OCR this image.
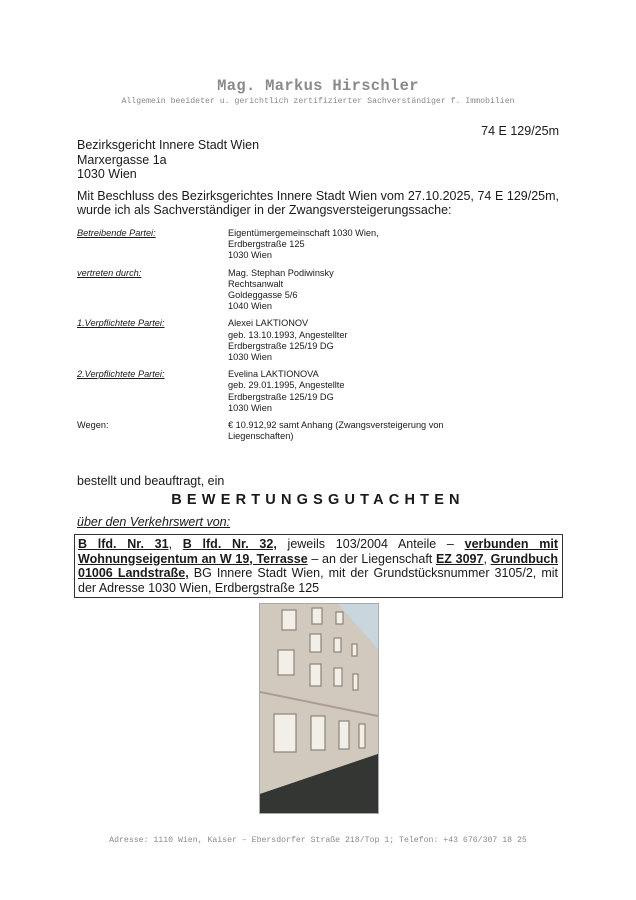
Mag. Markus Hirschler
Allgemein beeideter u. gerichtlich zertifizierter Sachverständiger f. Immobilien
74 E 129/25m
Bezirksgericht Innere Stadt Wien
Marxergasse 1a
1030 Wien
Mit Beschluss des Bezirksgerichtes Innere Stadt Wien vom 27.10.2025, 74 E 129/25m, wurde ich als Sachverständiger in der Zwangsversteigerungssache:
Betreibende Partei:	Eigentümergemeinschaft 1030 Wien,
Erdbergstraße 125
1030 Wien
vertreten durch:	Mag. Stephan Podiwinsky
Rechtsanwalt
Goldeggasse 5/6
1040 Wien
1.Verpflichtete Partei:	Alexei LAKTIONOV
geb. 13.10.1993, Angestellter
Erdbergstraße 125/19 DG
1030 Wien
2.Verpflichtete Partei:	Evelina LAKTIONOVA
geb. 29.01.1995, Angestellte
Erdbergstraße 125/19 DG
1030 Wien
Wegen:	€ 10.912,92 samt Anhang (Zwangsversteigerung von
Liegenschaften)
bestellt und beauftragt, ein
BEWERTUNGSGUTACHTEN
über den Verkehrswert von:
B lfd. Nr. 31, B lfd. Nr. 32, jeweils 103/2004 Anteile – verbunden mit Wohnungseigentum an W 19, Terrasse – an der Liegenschaft EZ 3097, Grundbuch 01006 Landstraße, BG Innere Stadt Wien, mit der Grundstücksnummer 3105/2, mit der Adresse 1030 Wien, Erdbergstraße 125
Adresse: 1110 Wien, Kaiser – Ebersdorfer Straße 218/Top 1; Telefon: +43 676/307 18 25
